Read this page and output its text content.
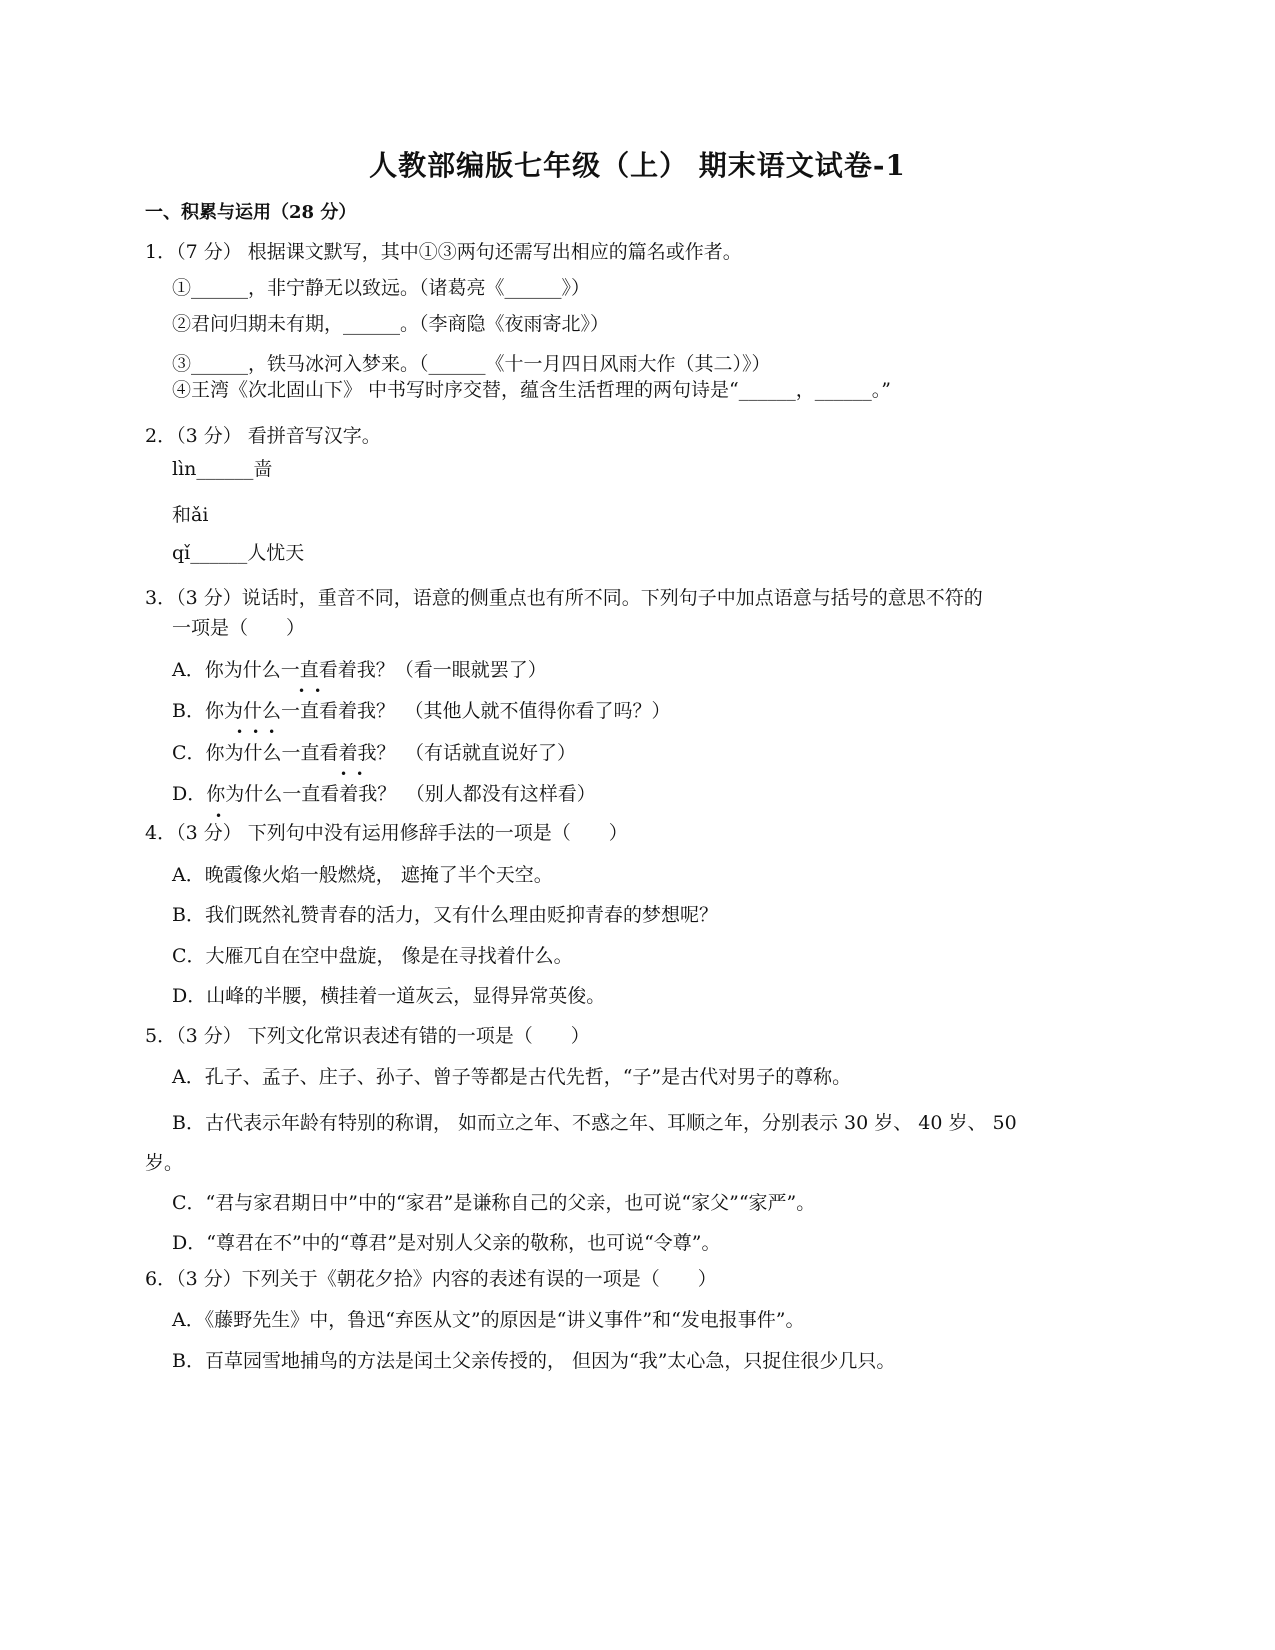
人教部编版七年级（上） 期末语文试卷-1
一、积累与运用（28 分）
1．（7 分） 根据课文默写，其中①③两句还需写出相应的篇名或作者。
①______，非宁静无以致远。（诸葛亮《______》）
②君问归期未有期，______。（李商隐《夜雨寄北》）
③______，铁马冰河入梦来。（______《十一月四日风雨大作（其二）》）
④王湾《次北固山下》 中书写时序交替，蕴含生活哲理的两句诗是“______，______。”
2．（3 分） 看拼音写汉字。
lìn______啬
和ǎi
qǐ______人忧天
3．（3 分）说话时，重音不同，语意的侧重点也有所不同。下列句子中加点语意与括号的意思不符的
一项是（　　）
A．你为什么一直看着我？（看一眼就罢了）
••
B．你为什么一直看着我？　（其他人就不值得你看了吗？）
•••
C．你为什么一直看着我？　（有话就直说好了）
••
D．你为什么一直看着我？　（别人都没有这样看）
•
4．（3 分） 下列句中没有运用修辞手法的一项是（　　）
A．晚霞像火焰一般燃烧， 遮掩了半个天空。
B．我们既然礼赞青春的活力，又有什么理由贬抑青春的梦想呢？
C．大雁兀自在空中盘旋， 像是在寻找着什么。
D．山峰的半腰，横挂着一道灰云，显得异常英俊。
5．（3 分） 下列文化常识表述有错的一项是（　　）
A．孔子、孟子、庄子、孙子、曾子等都是古代先哲，“子”是古代对男子的尊称。
B．古代表示年龄有特别的称谓， 如而立之年、不惑之年、耳顺之年，分别表示 30 岁、 40 岁、 50
岁。
C．“君与家君期日中”中的“家君”是谦称自己的父亲，也可说“家父”“家严”。
D．“尊君在不”中的“尊君”是对别人父亲的敬称，也可说“令尊”。
6．（3 分）下列关于《朝花夕拾》内容的表述有误的一项是（　　）
A．《藤野先生》中，鲁迅“弃医从文”的原因是“讲义事件”和“发电报事件”。
B．百草园雪地捕鸟的方法是闰土父亲传授的， 但因为“我”太心急，只捉住很少几只。
